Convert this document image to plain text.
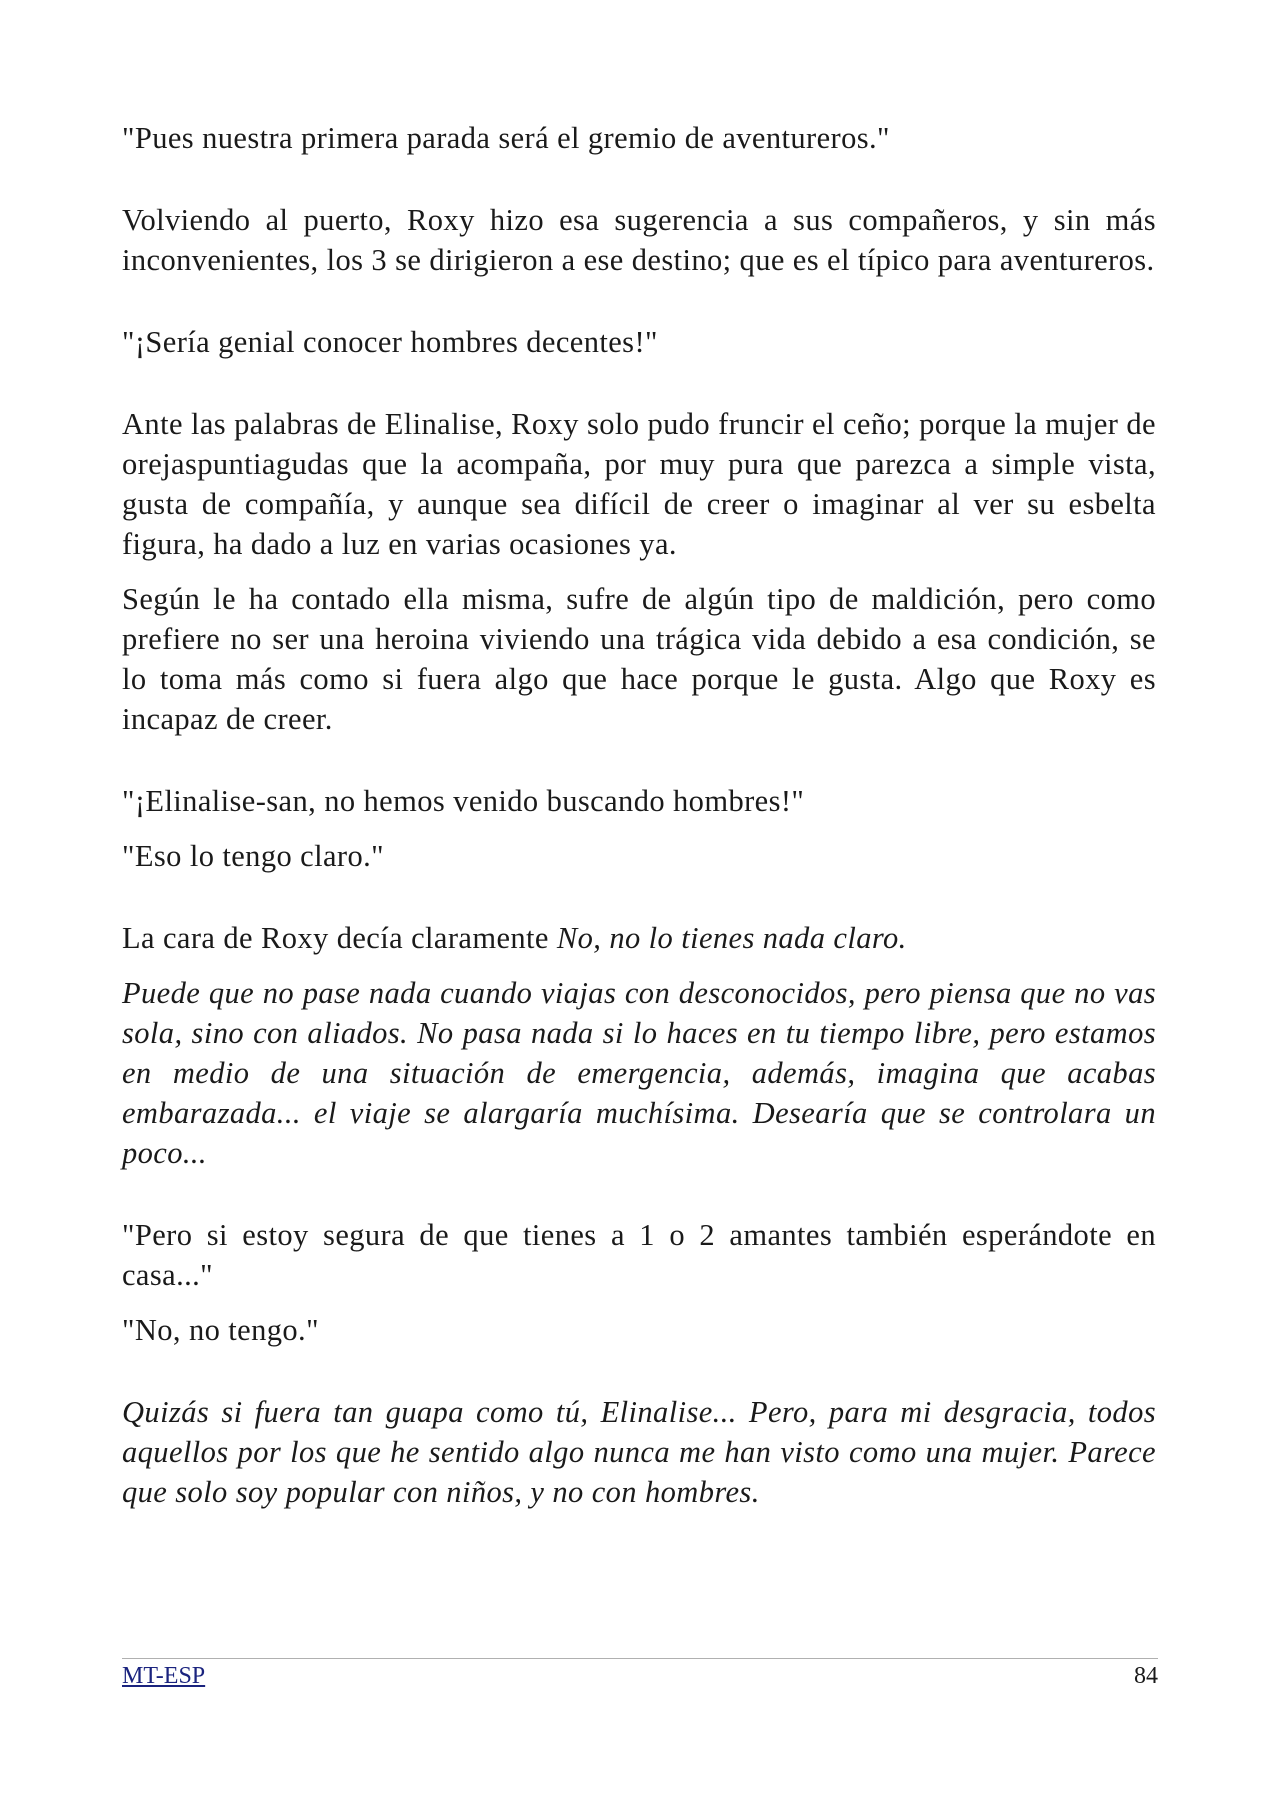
"Pues nuestra primera parada será el gremio de aventureros."

Volviendo al puerto, Roxy hizo esa sugerencia a sus compañeros, y sin más inconvenientes, los 3 se dirigieron a ese destino; que es el típico para aventureros.

"¡Sería genial conocer hombres decentes!"

Ante las palabras de Elinalise, Roxy solo pudo fruncir el ceño; porque la mujer de orejaspuntiagudas que la acompaña, por muy pura que parezca a simple vista, gusta de compañía, y aunque sea difícil de creer o imaginar al ver su esbelta figura, ha dado a luz en varias ocasiones ya.

Según le ha contado ella misma, sufre de algún tipo de maldición, pero como prefiere no ser una heroina viviendo una trágica vida debido a esa condición, se lo toma más como si fuera algo que hace porque le gusta. Algo que Roxy es incapaz de creer.

"¡Elinalise-san, no hemos venido buscando hombres!"

"Eso lo tengo claro."

La cara de Roxy decía claramente No, no lo tienes nada claro.

Puede que no pase nada cuando viajas con desconocidos, pero piensa que no vas sola, sino con aliados. No pasa nada si lo haces en tu tiempo libre, pero estamos en medio de una situación de emergencia, además, imagina que acabas embarazada... el viaje se alargaría muchísima. Desearía que se controlara un poco...

"Pero si estoy segura de que tienes a 1 o 2 amantes también esperándote en casa..."

"No, no tengo."

Quizás si fuera tan guapa como tú, Elinalise... Pero, para mi desgracia, todos aquellos por los que he sentido algo nunca me han visto como una mujer. Parece que solo soy popular con niños, y no con hombres.

MT-ESP	84
